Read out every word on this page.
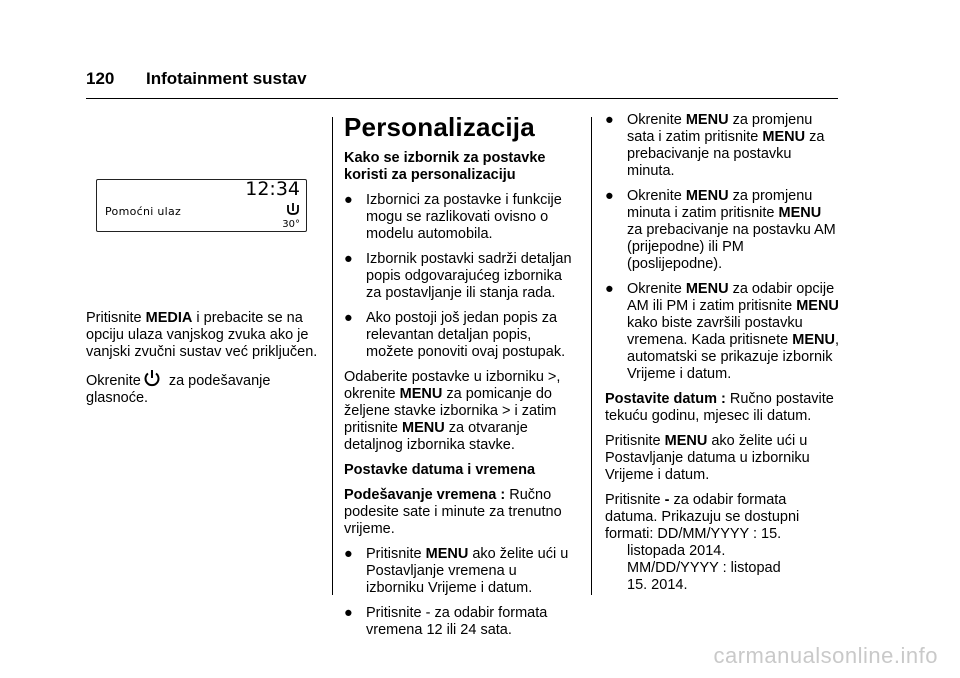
120 Infotainment sustav
12:34
Pomoćni ulaz
30°

Pritisnite MEDIA i prebacite se na opciju ulaza vanjskog zvuka ako je vanjski zvučni sustav već priključen.

Okrenite za podešavanje glasnoće.

Personalizacija
Kako se izbornik za postavke koristi za personalizaciju
● Izbornici za postavke i funkcije mogu se razlikovati ovisno o modelu automobila.
● Izbornik postavki sadrži detaljan popis odgovarajućeg izbornika za postavljanje ili stanja rada.
● Ako postoji još jedan popis za relevantan detaljan popis, možete ponoviti ovaj postupak.

Odaberite postavke u izborniku >, okrenite MENU za pomicanje do željene stavke izbornika > i zatim pritisnite MENU za otvaranje detaljnog izbornika stavke.

Postavke datuma i vremena

Podešavanje vremena : Ručno podesite sate i minute za trenutno vrijeme.

● Pritisnite MENU ako želite ući u Postavljanje vremena u izborniku Vrijeme i datum.
● Pritisnite - za odabir formata vremena 12 ili 24 sata.
● Okrenite MENU za promjenu sata i zatim pritisnite MENU za prebacivanje na postavku minuta.
● Okrenite MENU za promjenu minuta i zatim pritisnite MENU za prebacivanje na postavku AM (prijepodne) ili PM (poslijepodne).
● Okrenite MENU za odabir opcije AM ili PM i zatim pritisnite MENU kako biste završili postavku vremena. Kada pritisnete MENU, automatski se prikazuje izbornik Vrijeme i datum.

Postavite datum : Ručno postavite tekuću godinu, mjesec ili datum.

Pritisnite MENU ako želite ući u Postavljanje datuma u izborniku Vrijeme i datum.

Pritisnite - za odabir formata datuma. Prikazuju se dostupni formati: DD/MM/YYYY : 15.

listopada 2014.
MM/DD/YYYY : listopad
15. 2014.
carmanualsonline.info
